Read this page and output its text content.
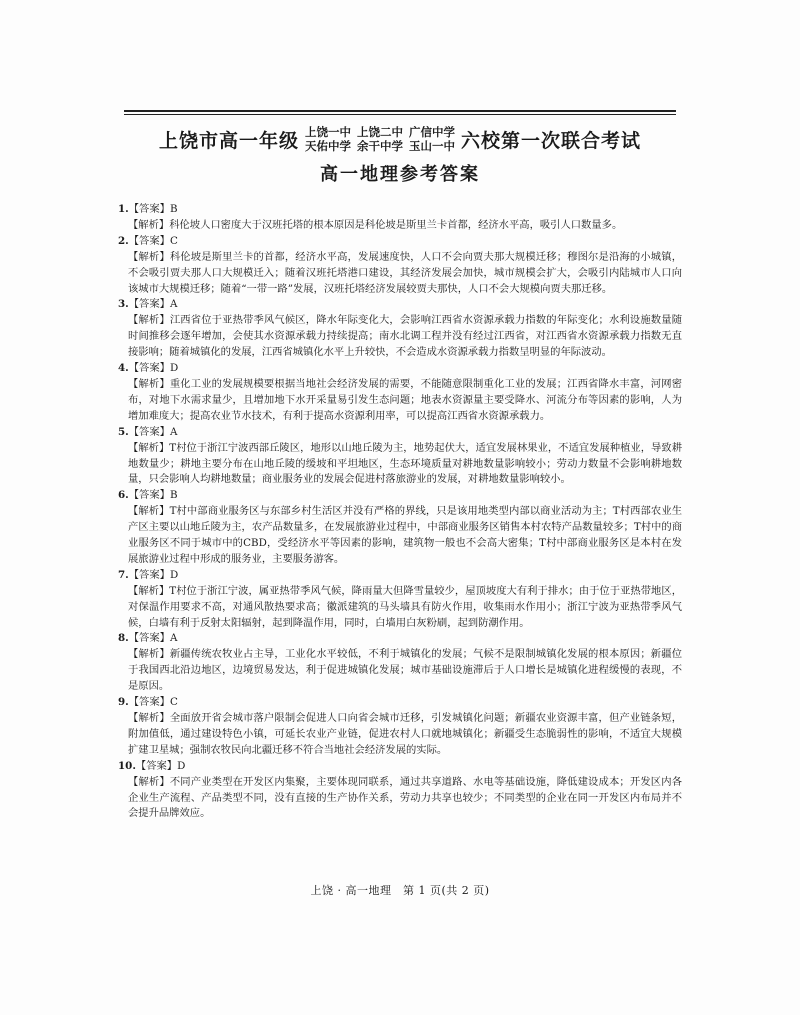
上饶市高一年级 上饶一中 上饶二中 广信中学
天佑中学 余干中学 玉山一中 六校第一次联合考试
高一地理参考答案
1.【答案】B
【解析】科伦坡人口密度大于汉班托塔的根本原因是科伦坡是斯里兰卡首都，经济水平高，吸引人口数量多。
2.【答案】C
【解析】科伦坡是斯里兰卡的首都，经济水平高，发展速度快，人口不会向贾夫那大规模迁移；穆图尔是沿海的小城镇，不会吸引贾夫那人口大规模迁入；随着汉班托塔港口建设，其经济发展会加快，城市规模会扩大，会吸引内陆城市人口向该城市大规模迁移；随着“一带一路”发展，汉班托塔经济发展较贾夫那快，人口不会大规模向贾夫那迁移。
3.【答案】A
【解析】江西省位于亚热带季风气候区，降水年际变化大，会影响江西省水资源承载力指数的年际变化；水利设施数量随时间推移会逐年增加，会使其水资源承载力持续提高；南水北调工程并没有经过江西省，对江西省水资源承载力指数无直接影响；随着城镇化的发展，江西省城镇化水平上升较快，不会造成水资源承载力指数呈明显的年际波动。
4.【答案】D
【解析】重化工业的发展规模要根据当地社会经济发展的需要，不能随意限制重化工业的发展；江西省降水丰富，河网密布，对地下水需求量少，且增加地下水开采量易引发生态问题；地表水资源量主要受降水、河流分布等因素的影响，人为增加难度大；提高农业节水技术，有利于提高水资源利用率，可以提高江西省水资源承载力。
5.【答案】A
【解析】T村位于浙江宁波西部丘陵区，地形以山地丘陵为主，地势起伏大，适宜发展林果业，不适宜发展种植业，导致耕地数量少；耕地主要分布在山地丘陵的缓坡和平坦地区，生态环境质量对耕地数量影响较小；劳动力数量不会影响耕地数量，只会影响人均耕地数量；商业服务业的发展会促进村落旅游业的发展，对耕地数量影响较小。
6.【答案】B
【解析】T村中部商业服务区与东部乡村生活区并没有严格的界线，只是该用地类型内部以商业活动为主；T村西部农业生产区主要以山地丘陵为主，农产品数量多，在发展旅游业过程中，中部商业服务区销售本村农特产品数量较多；T村中的商业服务区不同于城市中的CBD，受经济水平等因素的影响，建筑物一般也不会高大密集；T村中部商业服务区是本村在发展旅游业过程中形成的服务业，主要服务游客。
7.【答案】D
【解析】T村位于浙江宁波，属亚热带季风气候，降雨量大但降雪量较少，屋顶坡度大有利于排水；由于位于亚热带地区，对保温作用要求不高，对通风散热要求高；徽派建筑的马头墙具有防火作用，收集雨水作用小；浙江宁波为亚热带季风气候，白墙有利于反射太阳辐射，起到降温作用，同时，白墙用白灰粉刷，起到防潮作用。
8.【答案】A
【解析】新疆传统农牧业占主导，工业化水平较低，不利于城镇化的发展；气候不是限制城镇化发展的根本原因；新疆位于我国西北沿边地区，边境贸易发达，利于促进城镇化发展；城市基础设施滞后于人口增长是城镇化进程缓慢的表现，不是原因。
9.【答案】C
【解析】全面放开省会城市落户限制会促进人口向省会城市迁移，引发城镇化问题；新疆农业资源丰富，但产业链条短，附加值低，通过建设特色小镇，可延长农业产业链，促进农村人口就地城镇化；新疆受生态脆弱性的影响，不适宜大规模扩建卫星城；强制农牧民向北疆迁移不符合当地社会经济发展的实际。
10.【答案】D
【解析】不同产业类型在开发区内集聚，主要体现同联系，通过共享道路、水电等基础设施，降低建设成本；开发区内各企业生产流程、产品类型不同，没有直接的生产协作关系，劳动力共享也较少；不同类型的企业在同一开发区内布局并不会提升品牌效应。
上饶 · 高一地理　第 1 页(共 2 页)
